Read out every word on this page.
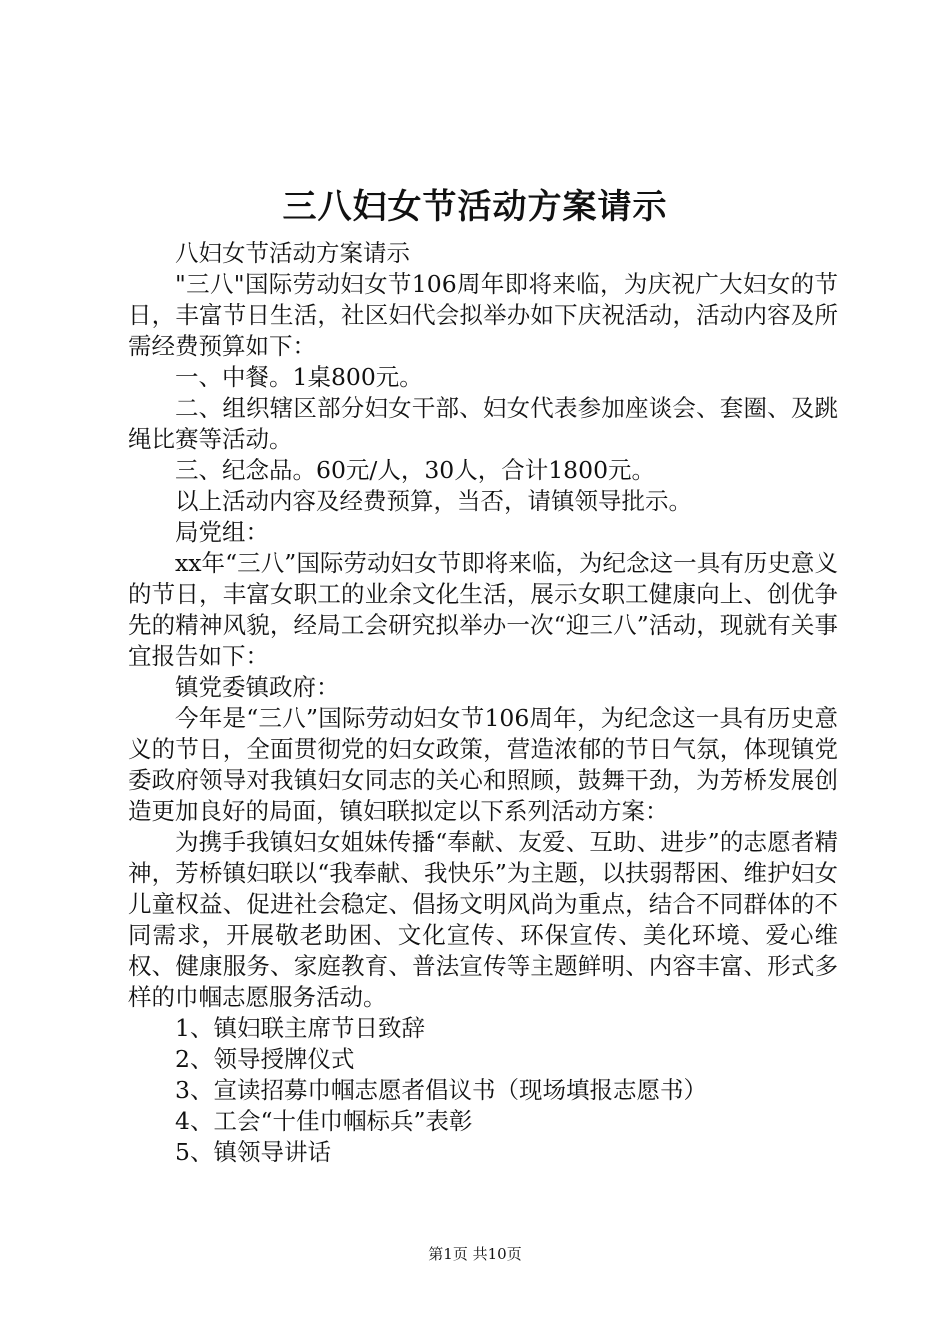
三八妇女节活动方案请示

八妇女节活动方案请示

"三八"国际劳动妇女节106周年即将来临，为庆祝广大妇女的节日，丰富节日生活，社区妇代会拟举办如下庆祝活动，活动内容及所需经费预算如下：

一、中餐。1桌800元。

二、组织辖区部分妇女干部、妇女代表参加座谈会、套圈、及跳绳比赛等活动。

三、纪念品。60元/人，30人，合计1800元。

以上活动内容及经费预算，当否，请镇领导批示。

局党组：

xx年“三八”国际劳动妇女节即将来临，为纪念这一具有历史意义的节日，丰富女职工的业余文化生活，展示女职工健康向上、创优争先的精神风貌，经局工会研究拟举办一次“迎三八”活动，现就有关事宜报告如下：

镇党委镇政府：

今年是“三八”国际劳动妇女节106周年，为纪念这一具有历史意义的节日，全面贯彻党的妇女政策，营造浓郁的节日气氛，体现镇党委政府领导对我镇妇女同志的关心和照顾，鼓舞干劲，为芳桥发展创造更加良好的局面，镇妇联拟定以下系列活动方案：

为携手我镇妇女姐妹传播“奉献、友爱、互助、进步”的志愿者精神，芳桥镇妇联以“我奉献、我快乐”为主题，以扶弱帮困、维护妇女儿童权益、促进社会稳定、倡扬文明风尚为重点，结合不同群体的不同需求，开展敬老助困、文化宣传、环保宣传、美化环境、爱心维权、健康服务、家庭教育、普法宣传等主题鲜明、内容丰富、形式多样的巾帼志愿服务活动。

1、镇妇联主席节日致辞

2、领导授牌仪式

3、宣读招募巾帼志愿者倡议书（现场填报志愿书）

4、工会“十佳巾帼标兵”表彰

5、镇领导讲话

第1页 共10页
